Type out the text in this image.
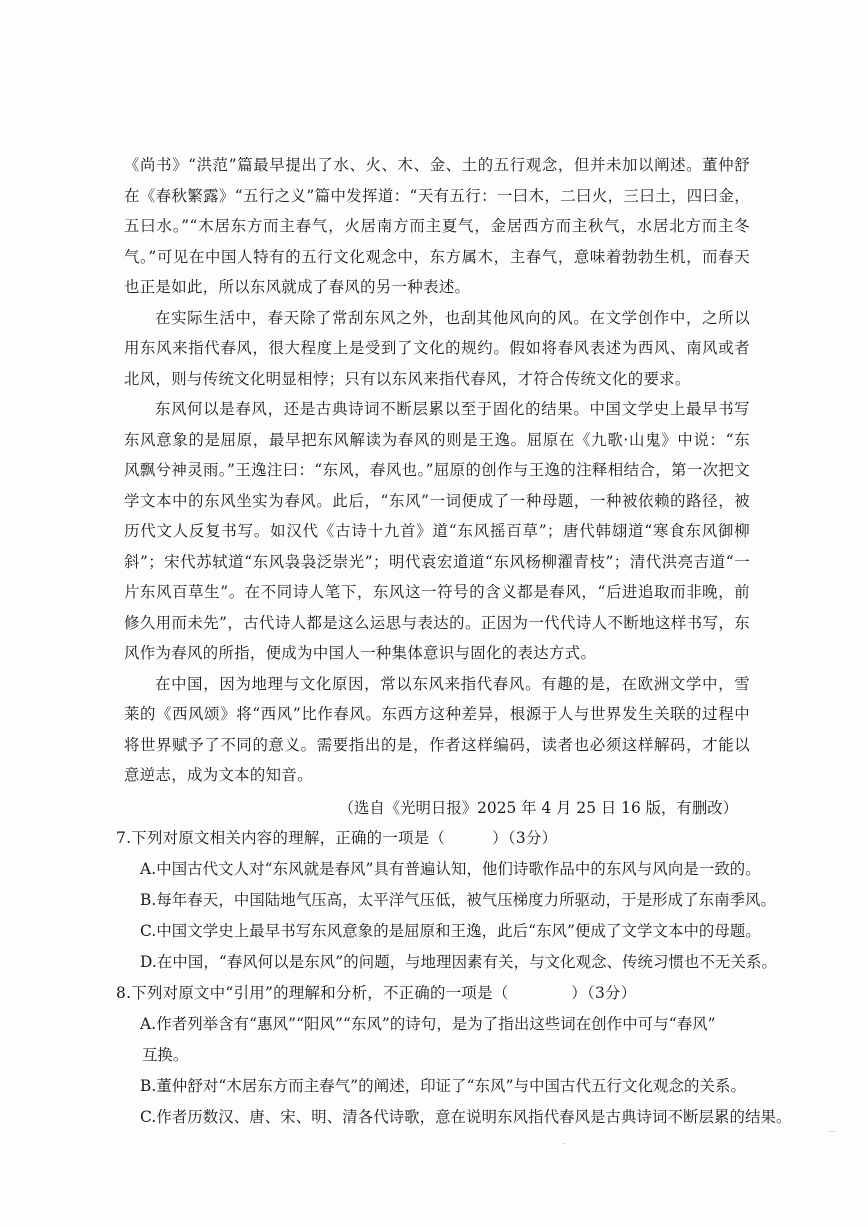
《尚书》“洪范”篇最早提出了水、火、木、金、土的五行观念，但并未加以阐述。董仲舒在《春秋繁露》“五行之义”篇中发挥道：“天有五行：一曰木，二曰火，三曰土，四曰金，五曰水。”“木居东方而主春气，火居南方而主夏气，金居西方而主秋气，水居北方而主冬气。”可见在中国人特有的五行文化观念中，东方属木，主春气，意味着勃勃生机，而春天也正是如此，所以东风就成了春风的另一种表述。

在实际生活中，春天除了常刮东风之外，也刮其他风向的风。在文学创作中，之所以用东风来指代春风，很大程度上是受到了文化的规约。假如将春风表述为西风、南风或者北风，则与传统文化明显相悖；只有以东风来指代春风，才符合传统文化的要求。

东风何以是春风，还是古典诗词不断层累以至于固化的结果。中国文学史上最早书写东风意象的是屈原，最早把东风解读为春风的则是王逸。屈原在《九歌·山鬼》中说：“东风飘兮神灵雨。”王逸注曰：“东风，春风也。”屈原的创作与王逸的注释相结合，第一次把文学文本中的东风坐实为春风。此后，“东风”一词便成了一种母题，一种被依赖的路径，被历代文人反复书写。如汉代《古诗十九首》道“东风摇百草”；唐代韩翃道“寒食东风御柳斜”；宋代苏轼道“东风袅袅泛崇光”；明代袁宏道道“东风杨柳濯青枝”；清代洪亮吉道“一片东风百草生”。在不同诗人笔下，东风这一符号的含义都是春风，“后进追取而非晚，前修久用而未先”，古代诗人都是这么运思与表达的。正因为一代代诗人不断地这样书写，东风作为春风的所指，便成为中国人一种集体意识与固化的表达方式。

在中国，因为地理与文化原因，常以东风来指代春风。有趣的是，在欧洲文学中，雪莱的《西风颂》将“西风”比作春风。东西方这种差异，根源于人与世界发生关联的过程中将世界赋予了不同的意义。需要指出的是，作者这样编码，读者也必须这样解码，才能以意逆志，成为文本的知音。

（选自《光明日报》2025 年 4 月 25 日 16 版，有删改）

7.下列对原文相关内容的理解，正确的一项是（　　　）（3分）

A.中国古代文人对“东风就是春风”具有普遍认知，他们诗歌作品中的东风与风向是一致的。

B.每年春天，中国陆地气压高，太平洋气压低，被气压梯度力所驱动，于是形成了东南季风。

C.中国文学史上最早书写东风意象的是屈原和王逸，此后“东风”便成了文学文本中的母题。

D.在中国，“春风何以是东风”的问题，与地理因素有关，与文化观念、传统习惯也不无关系。

8.下列对原文中“引用”的理解和分析，不正确的一项是（　　　　）（3分）

A.作者列举含有“惠风”“阳风”“东风”的诗句，是为了指出这些词在创作中可与“春风”

互换。

B.董仲舒对“木居东方而主春气”的阐述，印证了“东风”与中国古代五行文化观念的关系。

C.作者历数汉、唐、宋、明、清各代诗歌，意在说明东风指代春风是古典诗词不断层累的结果。
